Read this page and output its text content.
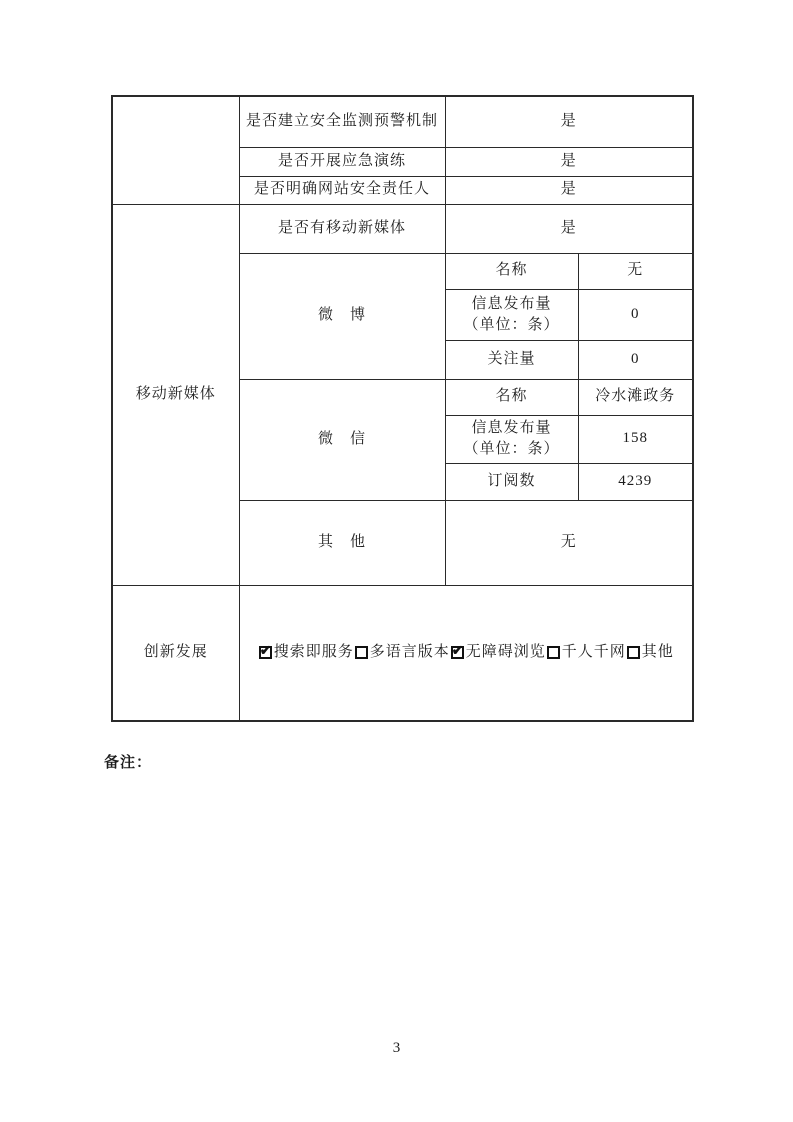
	是否建立安全监测预警机制	是	
	是否开展应急演练	是	
	是否明确网站安全责任人	是	
移动新媒体	是否有移动新媒体	是	
	微　博	名称	无

		信息发布量
（单位：条）	0
		关注量	0
	微　信	名称	冷水滩政务

		信息发布量
（单位：条）	158
		订阅数	4239
	其　他	无	
创新发展	
✔搜索即服务 多语言版本 ✔ 无障碍浏览 千人千网 其他
备注：
3
